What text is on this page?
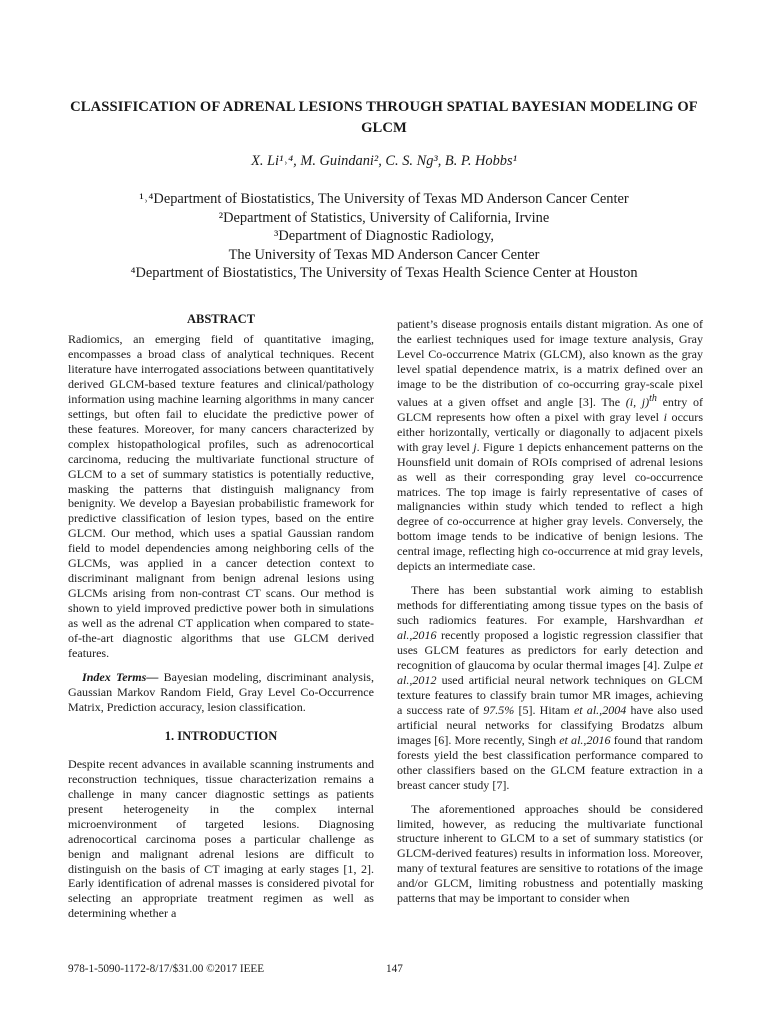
CLASSIFICATION OF ADRENAL LESIONS THROUGH SPATIAL BAYESIAN MODELING OF GLCM
X. Li¹˒⁴, M. Guindani², C. S. Ng³, B. P. Hobbs¹
¹˒⁴Department of Biostatistics, The University of Texas MD Anderson Cancer Center
²Department of Statistics, University of California, Irvine
³Department of Diagnostic Radiology,
The University of Texas MD Anderson Cancer Center
⁴Department of Biostatistics, The University of Texas Health Science Center at Houston
ABSTRACT

Radiomics, an emerging field of quantitative imaging, encompasses a broad class of analytical techniques. Recent literature have interrogated associations between quantitatively derived GLCM-based texture features and clinical/pathology information using machine learning algorithms in many cancer settings, but often fail to elucidate the predictive power of these features. Moreover, for many cancers characterized by complex histopathological profiles, such as adrenocortical carcinoma, reducing the multivariate functional structure of GLCM to a set of summary statistics is potentially reductive, masking the patterns that distinguish malignancy from benignity. We develop a Bayesian probabilistic framework for predictive classification of lesion types, based on the entire GLCM. Our method, which uses a spatial Gaussian random field to model dependencies among neighboring cells of the GLCMs, was applied in a cancer detection context to discriminant malignant from benign adrenal lesions using GLCMs arising from non-contrast CT scans. Our method is shown to yield improved predictive power both in simulations as well as the adrenal CT application when compared to state-of-the-art diagnostic algorithms that use GLCM derived features.

Index Terms— Bayesian modeling, discriminant analysis, Gaussian Markov Random Field, Gray Level Co-Occurrence Matrix, Prediction accuracy, lesion classification.

1. INTRODUCTION

Despite recent advances in available scanning instruments and reconstruction techniques, tissue characterization remains a challenge in many cancer diagnostic settings as patients present heterogeneity in the complex internal microenvironment of targeted lesions. Diagnosing adrenocortical carcinoma poses a particular challenge as benign and malignant adrenal lesions are difficult to distinguish on the basis of CT imaging at early stages [1, 2]. Early identification of adrenal masses is considered pivotal for selecting an appropriate treatment regimen as well as determining whether a

patient’s disease prognosis entails distant migration. As one of the earliest techniques used for image texture analysis, Gray Level Co-occurrence Matrix (GLCM), also known as the gray level spatial dependence matrix, is a matrix defined over an image to be the distribution of co-occurring gray-scale pixel values at a given offset and angle [3]. The (i, j)$^{th}$ entry of GLCM represents how often a pixel with gray level i occurs either horizontally, vertically or diagonally to adjacent pixels with gray level j. Figure 1 depicts enhancement patterns on the Hounsfield unit domain of ROIs comprised of adrenal lesions as well as their corresponding gray level co-occurrence matrices. The top image is fairly representative of cases of malignancies within study which tended to reflect a high degree of co-occurrence at higher gray levels. Conversely, the bottom image tends to be indicative of benign lesions. The central image, reflecting high co-occurrence at mid gray levels, depicts an intermediate case.

There has been substantial work aiming to establish methods for differentiating among tissue types on the basis of such radiomics features. For example, Harshvardhan et al.,2016 recently proposed a logistic regression classifier that uses GLCM features as predictors for early detection and recognition of glaucoma by ocular thermal images [4]. Zulpe et al.,2012 used artificial neural network techniques on GLCM texture features to classify brain tumor MR images, achieving a success rate of 97.5% [5]. Hitam et al.,2004 have also used artificial neural networks for classifying Brodatzs album images [6]. More recently, Singh et al.,2016 found that random forests yield the best classification performance compared to other classifiers based on the GLCM feature extraction in a breast cancer study [7].

The aforementioned approaches should be considered limited, however, as reducing the multivariate functional structure inherent to GLCM to a set of summary statistics (or GLCM-derived features) results in information loss. Moreover, many of textural features are sensitive to rotations of the image and/or GLCM, limiting robustness and potentially masking patterns that may be important to consider when

978-1-5090-1172-8/17/$31.00 ©2017 IEEE	147
